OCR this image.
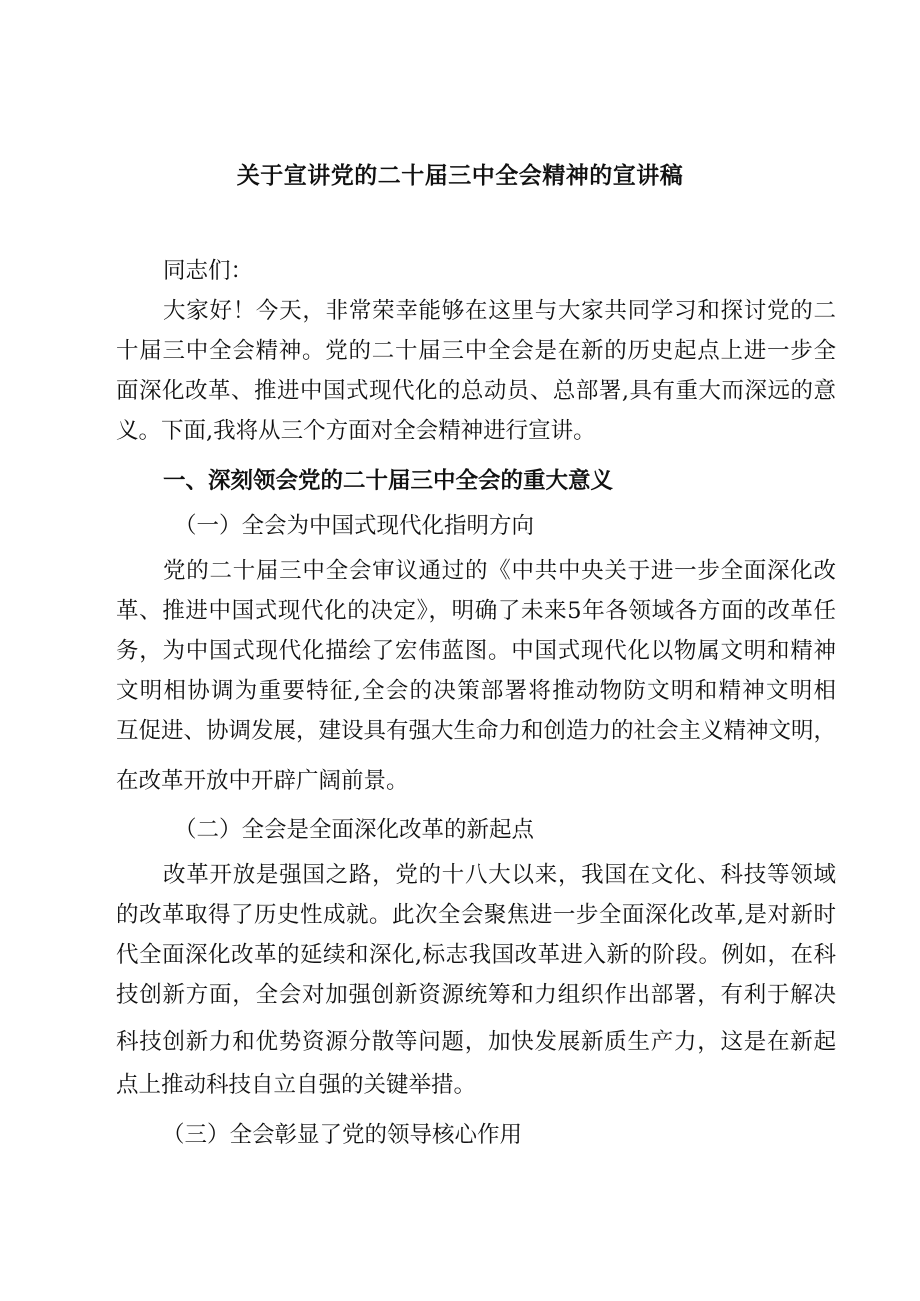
关于宣讲党的二十届三中全会精神的宣讲稿
同志们：
大家好！今天，非常荣幸能够在这里与大家共同学习和探讨党的二
十届三中全会精神。党的二十届三中全会是在新的历史起点上进一步全
面深化改革、推进中国式现代化的总动员、总部署,具有重大而深远的意
义。下面,我将从三个方面对全会精神进行宣讲。
一、深刻领会党的二十届三中全会的重大意义
（一）全会为中国式现代化指明方向
党的二十届三中全会审议通过的《中共中央关于进一步全面深化改
革、推进中国式现代化的决定》，明确了未来5年各领域各方面的改革任
务，为中国式现代化描绘了宏伟蓝图。中国式现代化以物属文明和精神
文明相协调为重要特征,全会的决策部署将推动物防文明和精神文明相
互促进、协调发展，建设具有强大生命力和创造力的社会主义精神文明，
在改革开放中开辟广阔前景。
（二）全会是全面深化改革的新起点
改革开放是强国之路，党的十八大以来，我国在文化、科技等领域
的改革取得了历史性成就。此次全会聚焦进一步全面深化改革,是对新时
代全面深化改革的延续和深化,标志我国改革进入新的阶段。例如，在科
技创新方面，全会对加强创新资源统筹和力组织作出部署，有利于解决
科技创新力和优势资源分散等问题，加快发展新质生产力，这是在新起
点上推动科技自立自强的关键举措。
（三）全会彰显了党的领导核心作用
